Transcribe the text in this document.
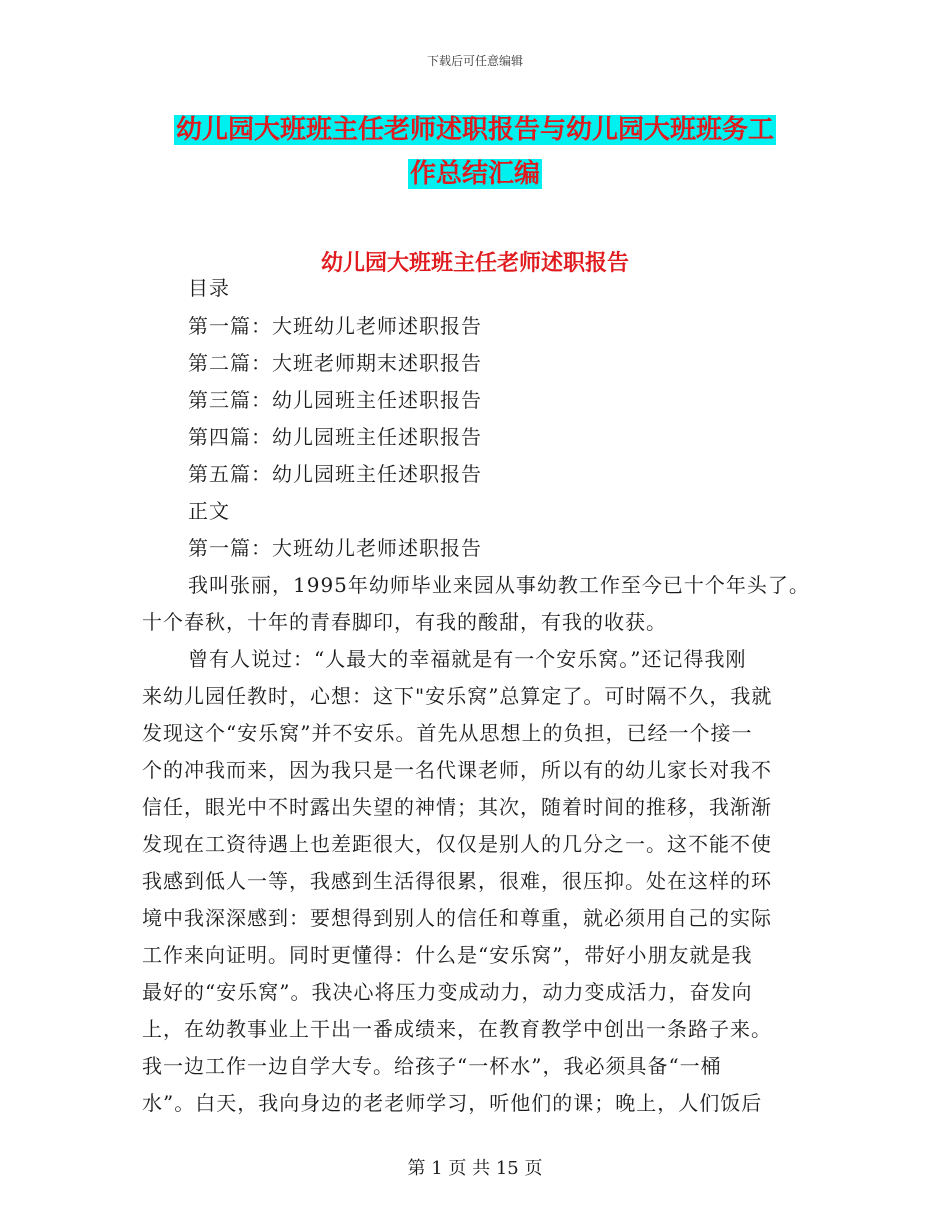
下载后可任意编辑
幼儿园大班班主任老师述职报告与幼儿园大班班务工
作总结汇编
幼儿园大班班主任老师述职报告
目录
第一篇：大班幼儿老师述职报告
第二篇：大班老师期末述职报告
第三篇：幼儿园班主任述职报告
第四篇：幼儿园班主任述职报告
第五篇：幼儿园班主任述职报告
正文
第一篇：大班幼儿老师述职报告
我叫张丽，1995年幼师毕业来园从事幼教工作至今已十个年头了。
十个春秋，十年的青春脚印，有我的酸甜，有我的收获。
曾有人说过：“人最大的幸福就是有一个安乐窝。”还记得我刚
来幼儿园任教时，心想：这下"安乐窝”总算定了。可时隔不久，我就
发现这个“安乐窝”并不安乐。首先从思想上的负担，已经一个接一
个的冲我而来，因为我只是一名代课老师，所以有的幼儿家长对我不
信任，眼光中不时露出失望的神情；其次，随着时间的推移，我渐渐
发现在工资待遇上也差距很大，仅仅是别人的几分之一。这不能不使
我感到低人一等，我感到生活得很累，很难，很压抑。处在这样的环
境中我深深感到：要想得到别人的信任和尊重，就必须用自己的实际
工作来向证明。同时更懂得：什么是“安乐窝”，带好小朋友就是我
最好的“安乐窝”。我决心将压力变成动力，动力变成活力，奋发向
上，在幼教事业上干出一番成绩来，在教育教学中创出一条路子来。
我一边工作一边自学大专。给孩子“一杯水”，我必须具备“一桶
水”。白天，我向身边的老老师学习，听他们的课；晚上，人们饭后
第 1 页 共 15 页
